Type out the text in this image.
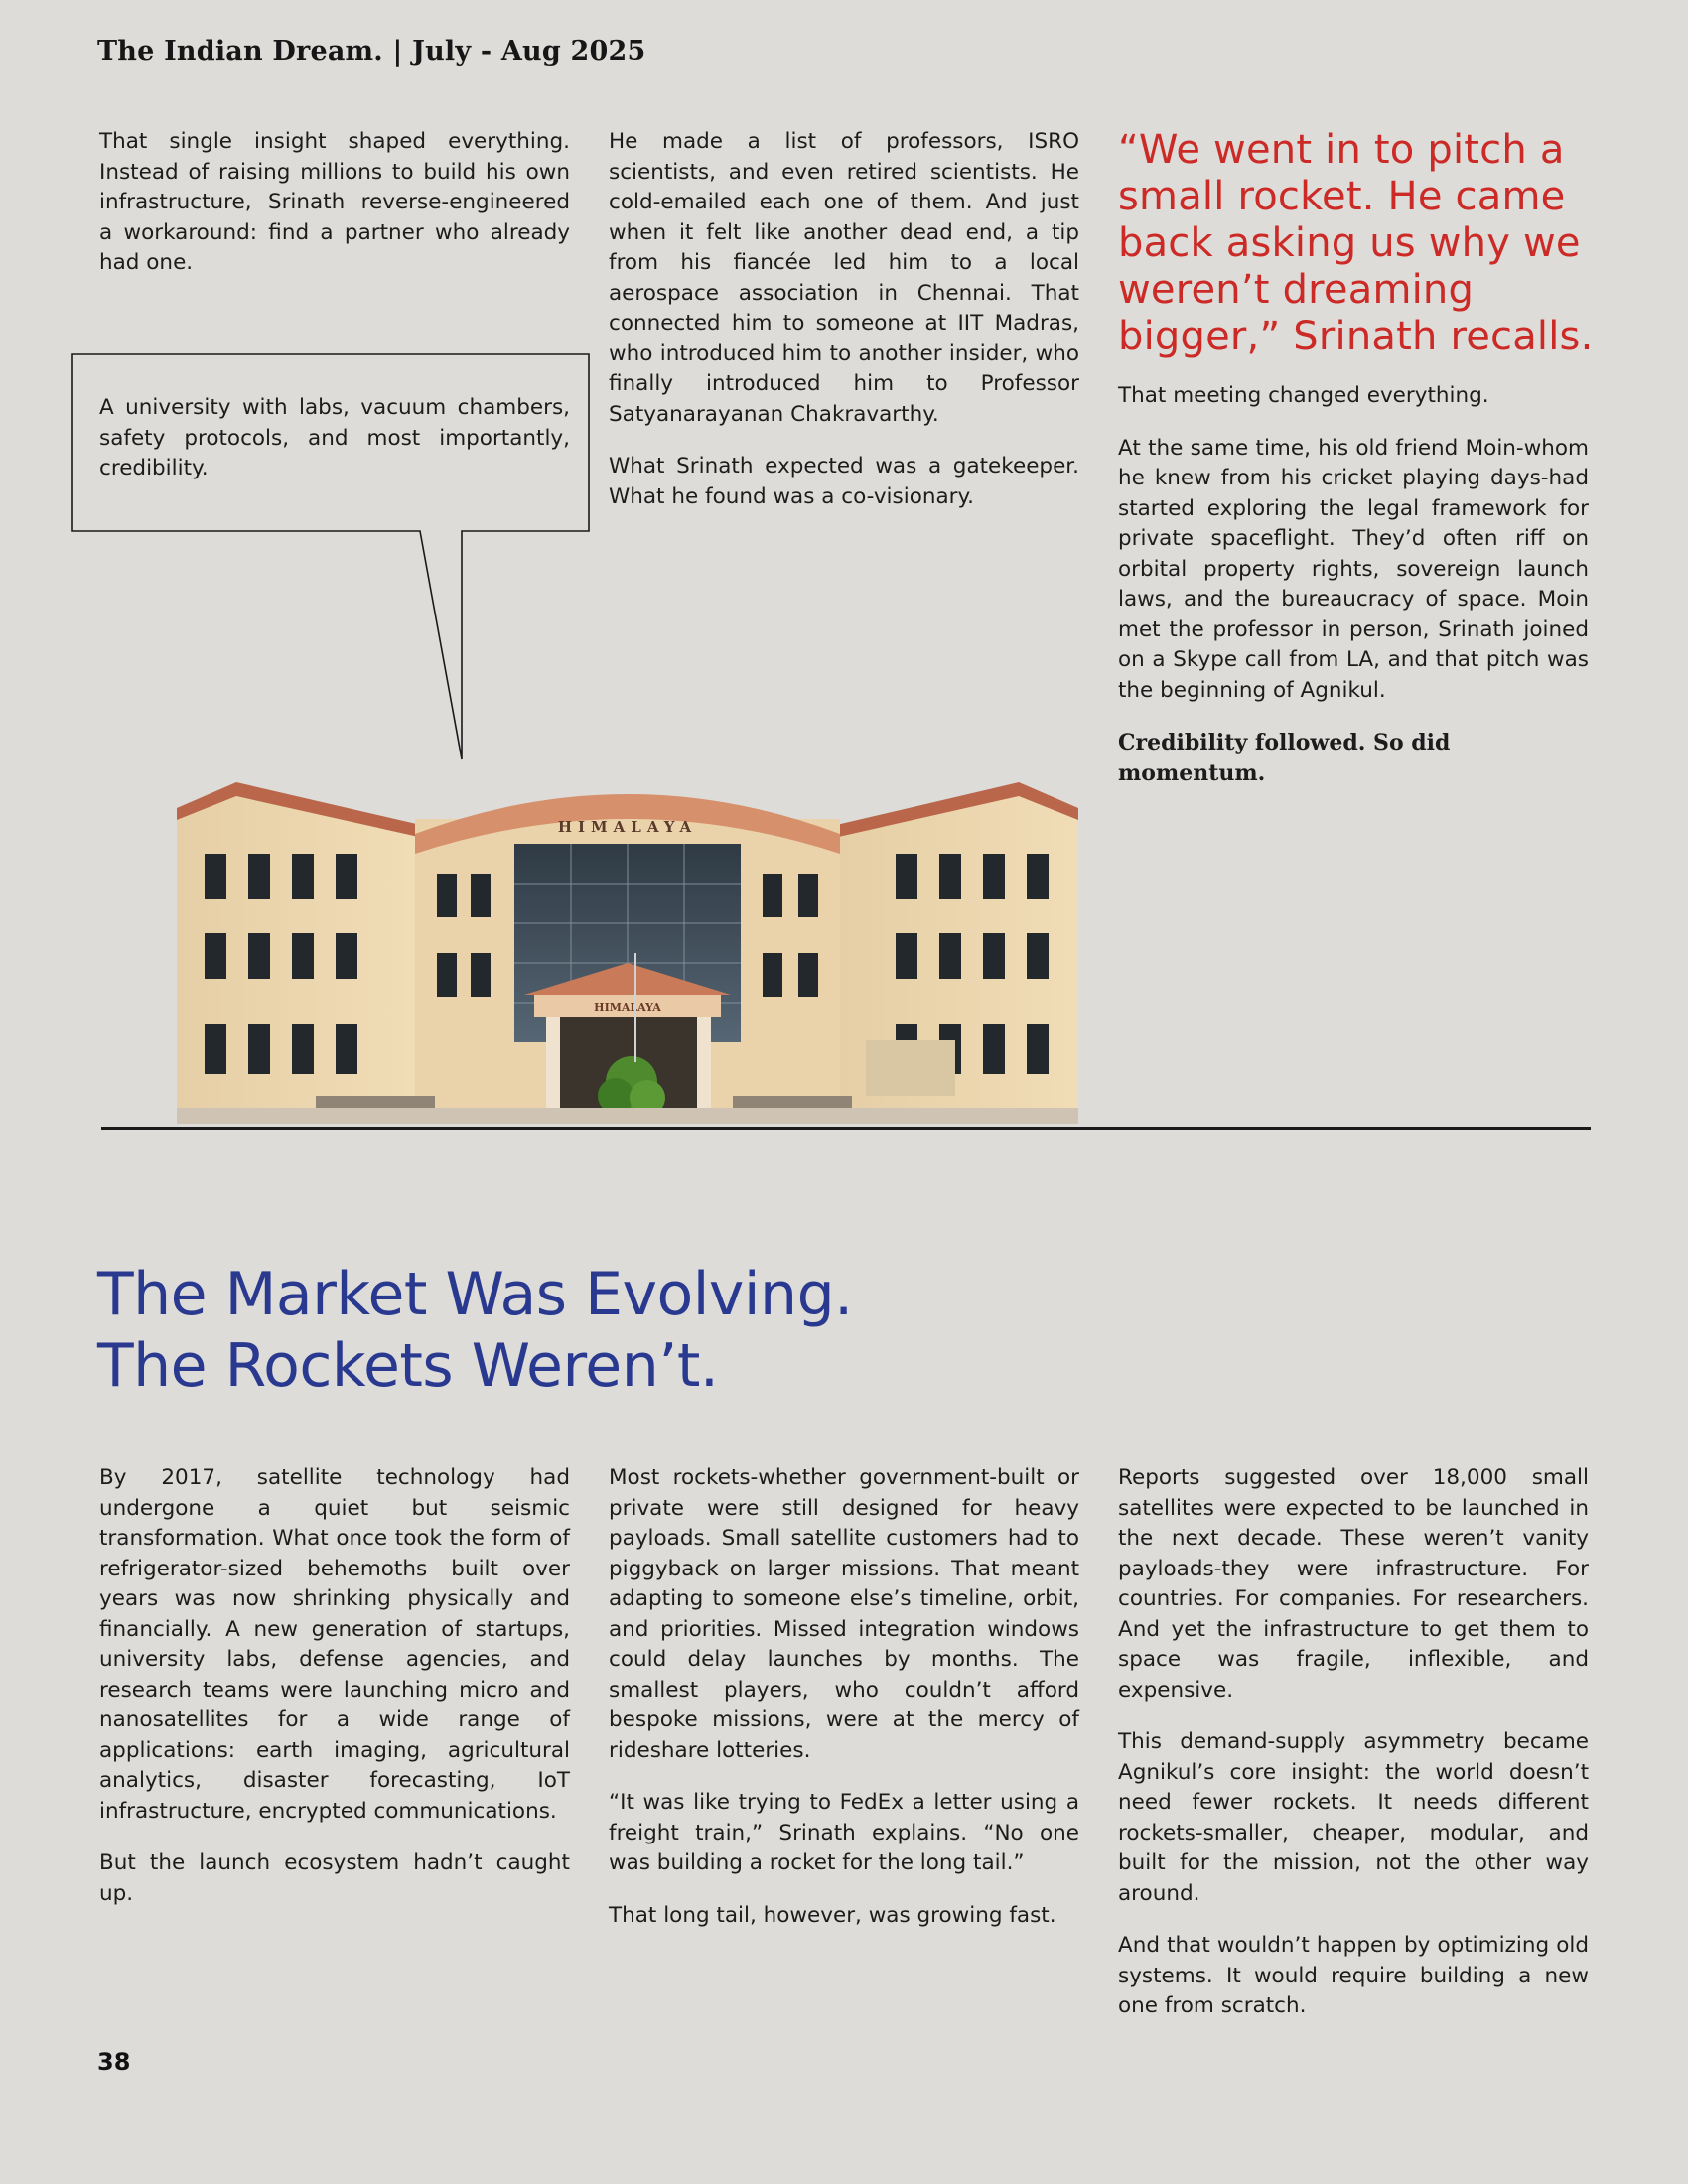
The Indian Dream. | July - Aug 2025

That single insight shaped everything. Instead of raising millions to build his own infrastructure, Srinath reverse-engineered a workaround: find a partner who already had one.

A university with labs, vacuum chambers, safety protocols, and most importantly, credibility.

He made a list of professors, ISRO scientists, and even retired scientists. He cold-emailed each one of them. And just when it felt like another dead end, a tip from his fiancée led him to a local aerospace association in Chennai. That connected him to someone at IIT Madras, who introduced him to another insider, who finally introduced him to Professor Satyanarayanan Chakravarthy.

What Srinath expected was a gatekeeper. What he found was a co-visionary.

“We went in to pitch a small rocket. He came back asking us why we weren’t dreaming bigger,” Srinath recalls.

That meeting changed everything.

At the same time, his old friend Moin-whom he knew from his cricket playing days-had started exploring the legal framework for private spaceflight. They’d often riff on orbital property rights, sovereign launch laws, and the bureaucracy of space. Moin met the professor in person, Srinath joined on a Skype call from LA, and that pitch was the beginning of Agnikul.

Credibility followed. So did momentum.

HIMALAYA
HIMALAYA
The Market Was Evolving.
The Rockets Weren’t.

By 2017, satellite technology had undergone a quiet but seismic transformation. What once took the form of refrigerator-sized behemoths built over years was now shrinking physically and financially. A new generation of startups, university labs, defense agencies, and research teams were launching micro and nanosatellites for a wide range of applications: earth imaging, agricultural analytics, disaster forecasting, IoT infrastructure, encrypted communications.

But the launch ecosystem hadn’t caught up.

Most rockets-whether government-built or private were still designed for heavy payloads. Small satellite customers had to piggyback on larger missions. That meant adapting to someone else’s timeline, orbit, and priorities. Missed integration windows could delay launches by months. The smallest players, who couldn’t afford bespoke missions, were at the mercy of rideshare lotteries.

“It was like trying to FedEx a letter using a freight train,” Srinath explains. “No one was building a rocket for the long tail.”

That long tail, however, was growing fast.

Reports suggested over 18,000 small satellites were expected to be launched in the next decade. These weren’t vanity payloads-they were infrastructure. For countries. For companies. For researchers. And yet the infrastructure to get them to space was fragile, inflexible, and expensive.

This demand-supply asymmetry became Agnikul’s core insight: the world doesn’t need fewer rockets. It needs different rockets-smaller, cheaper, modular, and built for the mission, not the other way around.

And that wouldn’t happen by optimizing old systems. It would require building a new one from scratch.

38
